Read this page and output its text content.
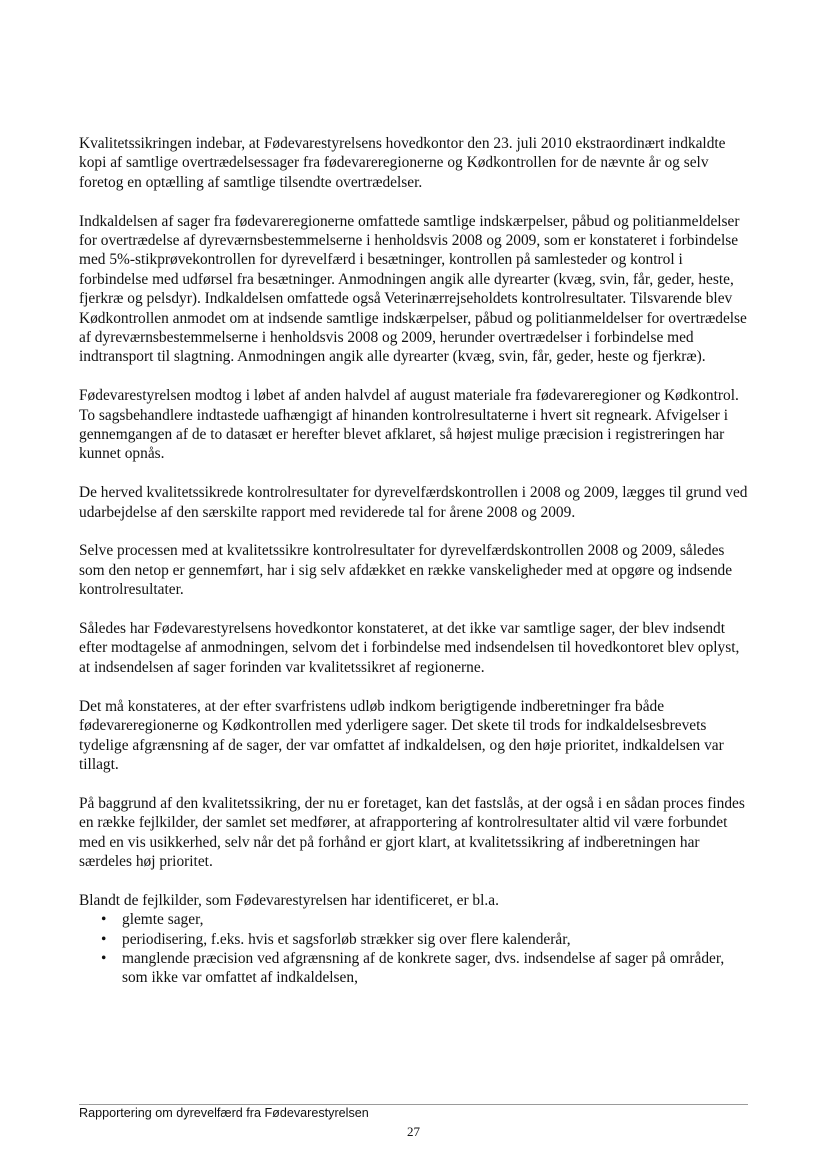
Kvalitetssikringen indebar, at Fødevarestyrelsens hovedkontor den 23. juli 2010 ekstraordinært indkaldte kopi af samtlige overtrædelsessager fra fødevareregionerne og Kødkontrollen for de nævnte år og selv foretog en optælling af samtlige tilsendte overtrædelser.

Indkaldelsen af sager fra fødevareregionerne omfattede samtlige indskærpelser, påbud og politianmeldelser for overtrædelse af dyreværnsbestemmelserne i henholdsvis 2008 og 2009, som er konstateret i forbindelse med 5%-stikprøvekontrollen for dyrevelfærd i besætninger, kontrollen på samlesteder og kontrol i forbindelse med udførsel fra besætninger. Anmodningen angik alle dyrearter (kvæg, svin, får, geder, heste, fjerkræ og pelsdyr). Indkaldelsen omfattede også Veterinærrejseholdets kontrolresultater. Tilsvarende blev Kødkontrollen anmodet om at indsende samtlige indskærpelser, påbud og politianmeldelser for overtrædelse af dyreværnsbestemmelserne i henholdsvis 2008 og 2009, herunder overtrædelser i forbindelse med indtransport til slagtning. Anmodningen angik alle dyrearter (kvæg, svin, får, geder, heste og fjerkræ).

Fødevarestyrelsen modtog i løbet af anden halvdel af august materiale fra fødevareregioner og Kødkontrol. To sagsbehandlere indtastede uafhængigt af hinanden kontrolresultaterne i hvert sit regneark. Afvigelser i gennemgangen af de to datasæt er herefter blevet afklaret, så højest mulige præcision i registreringen har kunnet opnås.

De herved kvalitetssikrede kontrolresultater for dyrevelfærdskontrollen i 2008 og 2009, lægges til grund ved udarbejdelse af den særskilte rapport med reviderede tal for årene 2008 og 2009.

Selve processen med at kvalitetssikre kontrolresultater for dyrevelfærdskontrollen 2008 og 2009, således som den netop er gennemført, har i sig selv afdækket en række vanskeligheder med at opgøre og indsende kontrolresultater.

Således har Fødevarestyrelsens hovedkontor konstateret, at det ikke var samtlige sager, der blev indsendt efter modtagelse af anmodningen, selvom det i forbindelse med indsendelsen til hovedkontoret blev oplyst, at indsendelsen af sager forinden var kvalitetssikret af regionerne.

Det må konstateres, at der efter svarfristens udløb indkom berigtigende indberetninger fra både fødevareregionerne og Kødkontrollen med yderligere sager. Det skete til trods for indkaldelsesbrevets tydelige afgrænsning af de sager, der var omfattet af indkaldelsen, og den høje prioritet, indkaldelsen var tillagt.

På baggrund af den kvalitetssikring, der nu er foretaget, kan det fastslås, at der også i en sådan proces findes en række fejlkilder, der samlet set medfører, at afrapportering af kontrolresultater altid vil være forbundet med en vis usikkerhed, selv når det på forhånd er gjort klart, at kvalitetssikring af indberetningen har særdeles høj prioritet.

Blandt de fejlkilder, som Fødevarestyrelsen har identificeret, er bl.a.

• glemte sager,
• periodisering, f.eks. hvis et sagsforløb strækker sig over flere kalenderår,
• manglende præcision ved afgrænsning af de konkrete sager, dvs. indsendelse af sager på områder, som ikke var omfattet af indkaldelsen,
Rapportering om dyrevelfærd fra Fødevarestyrelsen
27
